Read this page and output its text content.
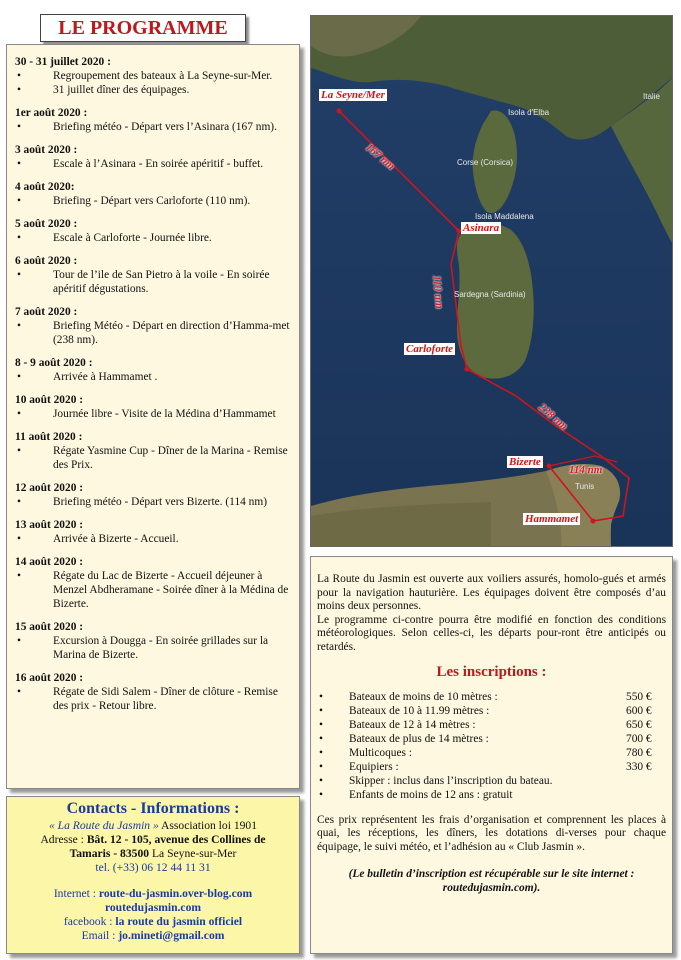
LE PROGRAMME
30 - 31 juillet 2020 :
• Regroupement des bateaux à La Seyne-sur-Mer.
• 31 juillet dîner des équipages.
1er août 2020 :
• Briefing météo - Départ vers l’Asinara (167 nm).
3 août 2020 :
• Escale à l’Asinara - En soirée apéritif - buffet.
4 août 2020:
• Briefing - Départ vers Carloforte (110 nm).
5 août 2020 :
• Escale à Carloforte - Journée libre.
6 août 2020 :
• Tour de l’ile de San Pietro à la voile - En soirée apéritif dégustations.
7 août 2020 :
• Briefing Météo - Départ en direction d’Hamma-met (238 nm).
8 - 9 août 2020 :
• Arrivée à Hammamet .
10 août 2020 :
• Journée libre - Visite de la Médina d’Hammamet
11 août 2020 :
• Régate Yasmine Cup - Dîner de la Marina - Remise des Prix.
12 août 2020 :
• Briefing météo - Départ vers Bizerte. (114 nm)
13 août 2020 :
• Arrivée à Bizerte - Accueil.
14 août 2020 :
• Régate du Lac de Bizerte - Accueil déjeuner à Menzel Abdheramane - Soirée dîner à la Médina de Bizerte.
15 août 2020 :
• Excursion à Dougga - En soirée grillades sur la Marina de Bizerte.
16 août 2020 :
• Régate de Sidi Salem - Dîner de clôture - Remise des prix - Retour libre.
La Seyne/Mer
Asinara
Carloforte
Bizerte
Hammamet
167 nm
110 nm
238 nm
114 nm
Italie
Isola d'Elba
Corse (Corsica)
Isola Maddalena
Sardegna (Sardinia)
Tunis

La Route du Jasmin est ouverte aux voiliers assurés, homolo-gués et armés pour la navigation hauturière. Les équipages doivent être composés d’au moins deux personnes.

Le programme ci-contre pourra être modifié en fonction des conditions météorologiques. Selon celles-ci, les départs pour-ront être anticipés ou retardés.

Les inscriptions :
• Bateaux de moins de 10 mètres :	550 €
• Bateaux de 10 à 11.99 mètres :	600 €
• Bateaux de 12 à 14 mètres :	650 €
• Bateaux de plus de 14 mètres :	700 €
• Multicoques :	780 €
• Equipiers :	330 €
• Skipper : inclus dans l’inscription du bateau.
• Enfants de moins de 12 ans : gratuit

Ces prix représentent les frais d’organisation et comprennent les places à quai, les réceptions, les dîners, les dotations di-verses pour chaque équipage, le suivi météo, et l’adhésion au « Club Jasmin ».

(Le bulletin d’inscription est récupérable sur le site internet : routedujasmin.com).

Contacts - Informations :
« La Route du Jasmin » Association loi 1901
Adresse : Bât. 12 - 105, avenue des Collines de
Tamaris - 83500 La Seyne-sur-Mer
tel. (+33) 06 12 44 11 31
Internet : route-du-jasmin.over-blog.com
routedujasmin.com
facebook : la route du jasmin officiel
Email : jo.mineti@gmail.com
